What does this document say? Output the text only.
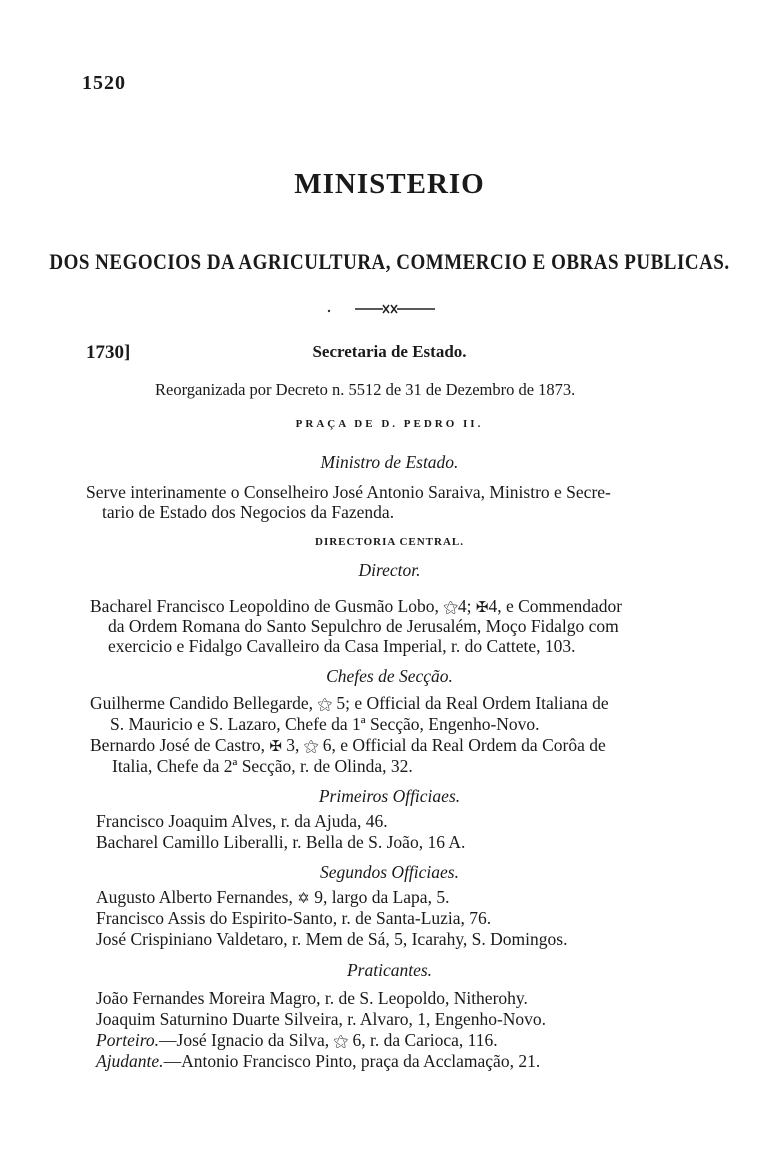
1520
MINISTERIO
DOS NEGOCIOS DA AGRICULTURA, COMMERCIO E OBRAS PUBLICAS.
1730]	Secretaria de Estado.
Reorganizada por Decreto n. 5512 de 31 de Dezembro de 1873.
PRAÇA DE D. PEDRO II.
Ministro de Estado.
Serve interinamente o Conselheiro José Antonio Saraiva, Ministro e Secre-
tario de Estado dos Negocios da Fazenda.
DIRECTORIA CENTRAL.
Director.
Bacharel Francisco Leopoldino de Gusmão Lobo, ⚝4; ✠4, e Commendador
da Ordem Romana do Santo Sepulchro de Jerusalém, Moço Fidalgo com
exercicio e Fidalgo Cavalleiro da Casa Imperial, r. do Cattete, 103.
Chefes de Secção.
Guilherme Candido Bellegarde, ⚝ 5; e Official da Real Ordem Italiana de
S. Mauricio e S. Lazaro, Chefe da 1ª Secção, Engenho-Novo.
Bernardo José de Castro, ✠ 3, ⚝ 6, e Official da Real Ordem da Corôa de
Italia, Chefe da 2ª Secção, r. de Olinda, 32.
Primeiros Officiaes.
Francisco Joaquim Alves, r. da Ajuda, 46.
Bacharel Camillo Liberalli, r. Bella de S. João, 16 A.
Segundos Officiaes.
Augusto Alberto Fernandes, ✡ 9, largo da Lapa, 5.
Francisco Assis do Espirito-Santo, r. de Santa-Luzia, 76.
José Crispiniano Valdetaro, r. Mem de Sá, 5, Icarahy, S. Domingos.
Praticantes.
João Fernandes Moreira Magro, r. de S. Leopoldo, Nitherohy.
Joaquim Saturnino Duarte Silveira, r. Alvaro, 1, Engenho-Novo.
Porteiro.—José Ignacio da Silva, ⚝ 6, r. da Carioca, 116.
Ajudante.—Antonio Francisco Pinto, praça da Acclamação, 21.
